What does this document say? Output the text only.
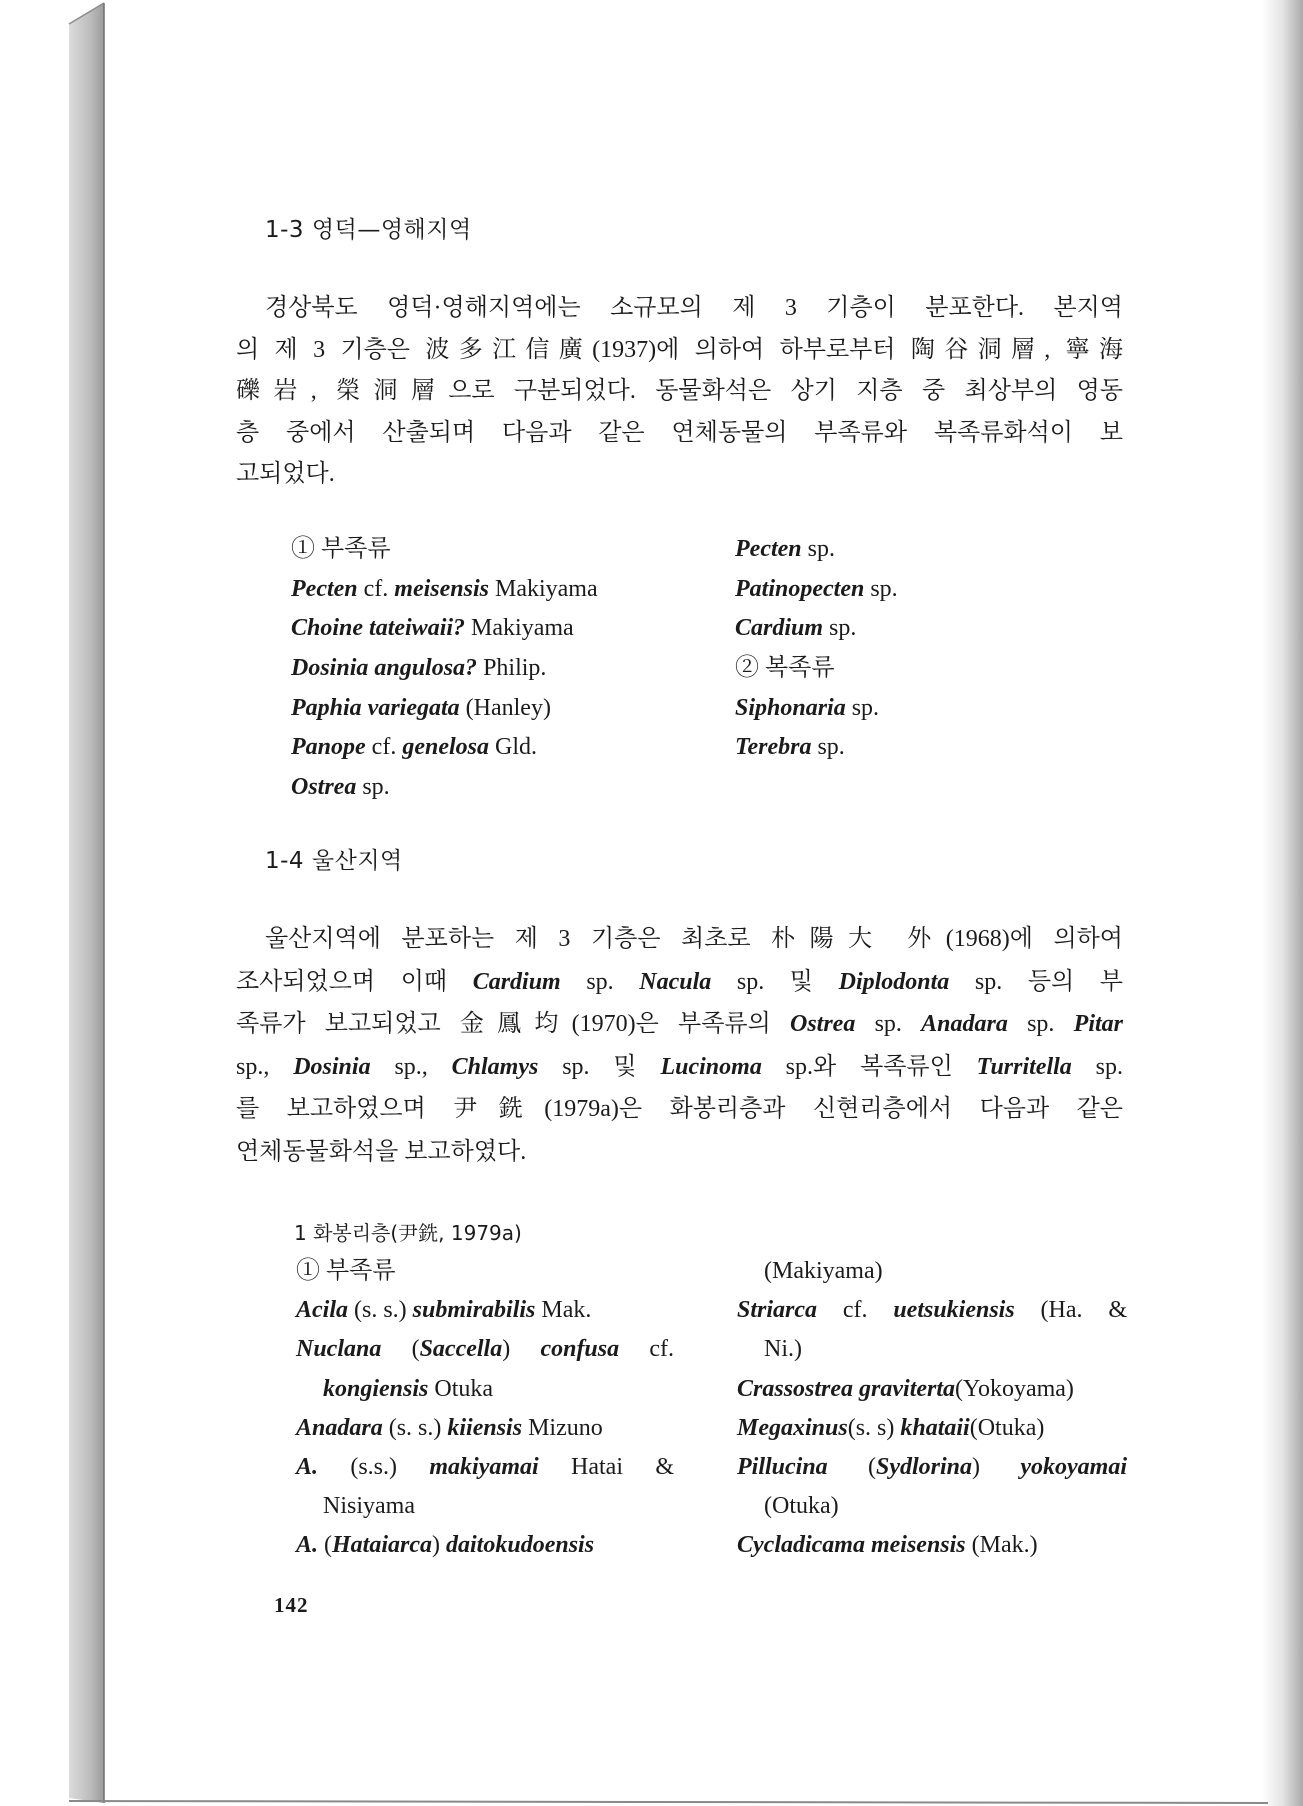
1-3 영덕—영해지역
경상북도 영덕·영해지역에는 소규모의 제 3 기층이 분포한다. 본지역
의 제 3 기층은 波多江信廣(1937)에 의하여 하부로부터 陶谷洞層, 寧海
礫岩, 榮洞層으로 구분되었다. 동물화석은 상기 지층 중 최상부의 영동
층 중에서 산출되며 다음과 같은 연체동물의 부족류와 복족류화석이 보
고되었다.
① 부족류
Pecten cf. meisensis Makiyama
Choine tateiwaii? Makiyama
Dosinia angulosa? Philip.
Paphia variegata (Hanley)
Panope cf. genelosa Gld.
Ostrea sp.
Pecten sp.
Patinopecten sp.
Cardium sp.
② 복족류
Siphonaria sp.
Terebra sp.
1-4 울산지역
울산지역에 분포하는 제 3 기층은 최초로 朴陽大 外(1968)에 의하여
조사되었으며 이때 Cardium sp. Nacula sp. 및 Diplodonta sp. 등의 부
족류가 보고되었고 金鳳均(1970)은 부족류의 Ostrea sp. Anadara sp. Pitar
sp., Dosinia sp., Chlamys sp. 및 Lucinoma sp.와 복족류인 Turritella sp.
를 보고하였으며 尹銑(1979a)은 화봉리층과 신현리층에서 다음과 같은
연체동물화석을 보고하였다.
1 화봉리층(尹銑, 1979a)
① 부족류
Acila (s. s.) submirabilis Mak.
Nuclana (Saccella) confusa cf.
kongiensis Otuka
Anadara (s. s.) kiiensis Mizuno
A. (s.s.) makiyamai Hatai &
Nisiyama
A. (Hataiarca) daitokudoensis
(Makiyama)
Striarca cf. uetsukiensis (Ha. &
Ni.)
Crassostrea graviterta(Yokoyama)
Megaxinus(s. s) khataii(Otuka)
Pillucina (Sydlorina) yokoyamai
(Otuka)
Cycladicama meisensis (Mak.)
142
